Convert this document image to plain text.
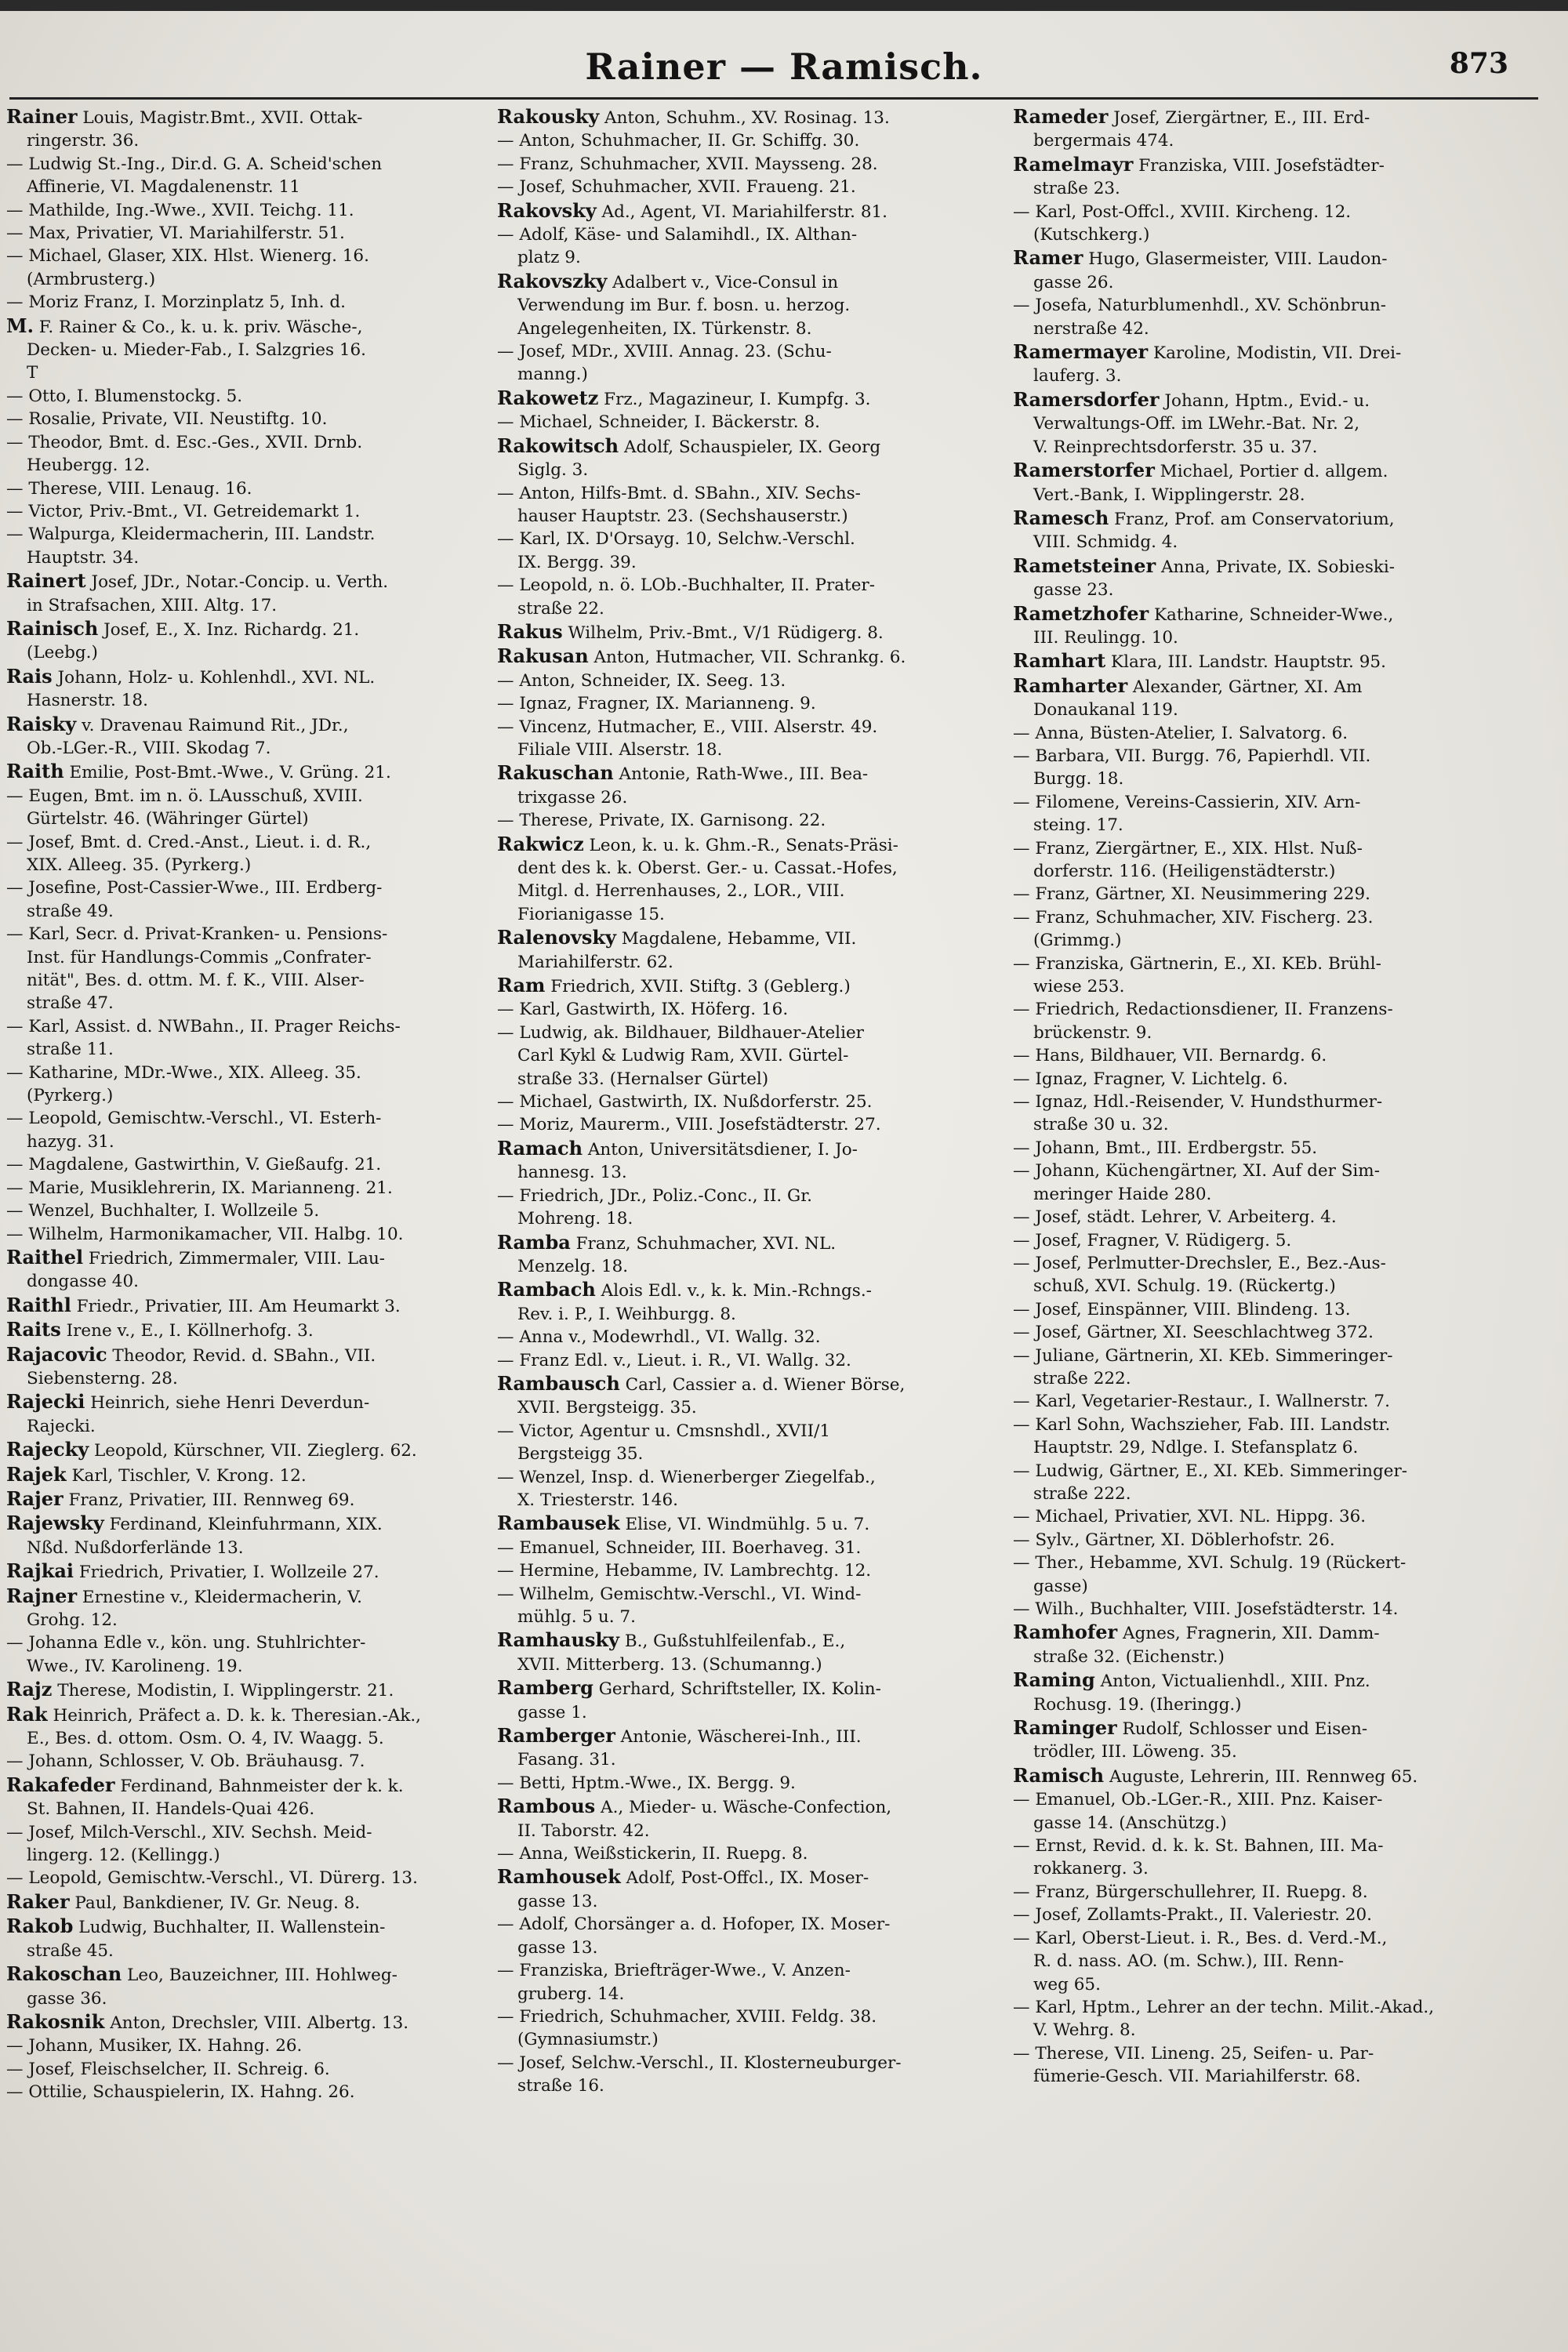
Rainer — Ramisch.	873
Rainer Louis, Magistr.Bmt., XVII. Ottak-
ringerstr. 36.
— Ludwig St.-Ing., Dir.d. G. A. Scheid'schen
Affinerie, VI. Magdalenenstr. 11
— Mathilde, Ing.-Wwe., XVII. Teichg. 11.
— Max, Privatier, VI. Mariahilferstr. 51.
— Michael, Glaser, XIX. Hlst. Wienerg. 16.
(Armbrusterg.)
— Moriz Franz, I. Morzinplatz 5, Inh. d.
M. F. Rainer & Co., k. u. k. priv. Wäsche-,
Decken- u. Mieder-Fab., I. Salzgries 16.
T
— Otto, I. Blumenstockg. 5.
— Rosalie, Private, VII. Neustiftg. 10.
— Theodor, Bmt. d. Esc.-Ges., XVII. Drnb.
Heubergg. 12.
— Therese, VIII. Lenaug. 16.
— Victor, Priv.-Bmt., VI. Getreidemarkt 1.
— Walpurga, Kleidermacherin, III. Landstr.
Hauptstr. 34.
Rainert Josef, JDr., Notar.-Concip. u. Verth.
in Strafsachen, XIII. Altg. 17.
Rainisch Josef, E., X. Inz. Richardg. 21.
(Leebg.)
Rais Johann, Holz- u. Kohlenhdl., XVI. NL.
Hasnerstr. 18.
Raisky v. Dravenau Raimund Rit., JDr.,
Ob.-LGer.-R., VIII. Skodag 7.
Raith Emilie, Post-Bmt.-Wwe., V. Grüng. 21.
— Eugen, Bmt. im n. ö. LAusschuß, XVIII.
Gürtelstr. 46. (Währinger Gürtel)
— Josef, Bmt. d. Cred.-Anst., Lieut. i. d. R.,
XIX. Alleeg. 35. (Pyrkerg.)
— Josefine, Post-Cassier-Wwe., III. Erdberg-
straße 49.
— Karl, Secr. d. Privat-Kranken- u. Pensions-
Inst. für Handlungs-Commis „Confrater-
nität", Bes. d. ottm. M. f. K., VIII. Alser-
straße 47.
— Karl, Assist. d. NWBahn., II. Prager Reichs-
straße 11.
— Katharine, MDr.-Wwe., XIX. Alleeg. 35.
(Pyrkerg.)
— Leopold, Gemischtw.-Verschl., VI. Esterh-
hazyg. 31.
— Magdalene, Gastwirthin, V. Gießaufg. 21.
— Marie, Musiklehrerin, IX. Marianneng. 21.
— Wenzel, Buchhalter, I. Wollzeile 5.
— Wilhelm, Harmonikamacher, VII. Halbg. 10.
Raithel Friedrich, Zimmermaler, VIII. Lau-
dongasse 40.
Raithl Friedr., Privatier, III. Am Heumarkt 3.
Raits Irene v., E., I. Köllnerhofg. 3.
Rajacovic Theodor, Revid. d. SBahn., VII.
Siebensterng. 28.
Rajecki Heinrich, siehe Henri Deverdun-
Rajecki.
Rajecky Leopold, Kürschner, VII. Zieglerg. 62.
Rajek Karl, Tischler, V. Krong. 12.
Rajer Franz, Privatier, III. Rennweg 69.
Rajewsky Ferdinand, Kleinfuhrmann, XIX.
Nßd. Nußdorferlände 13.
Rajkai Friedrich, Privatier, I. Wollzeile 27.
Rajner Ernestine v., Kleidermacherin, V.
Grohg. 12.
— Johanna Edle v., kön. ung. Stuhlrichter-
Wwe., IV. Karolineng. 19.
Rajz Therese, Modistin, I. Wipplingerstr. 21.
Rak Heinrich, Präfect a. D. k. k. Theresian.-Ak.,
E., Bes. d. ottom. Osm. O. 4, IV. Waagg. 5.
— Johann, Schlosser, V. Ob. Bräuhausg. 7.
Rakafeder Ferdinand, Bahnmeister der k. k.
St. Bahnen, II. Handels-Quai 426.
— Josef, Milch-Verschl., XIV. Sechsh. Meid-
lingerg. 12. (Kellingg.)
— Leopold, Gemischtw.-Verschl., VI. Dürerg. 13.
Raker Paul, Bankdiener, IV. Gr. Neug. 8.
Rakob Ludwig, Buchhalter, II. Wallenstein-
straße 45.
Rakoschan Leo, Bauzeichner, III. Hohlweg-
gasse 36.
Rakosnik Anton, Drechsler, VIII. Albertg. 13.
— Johann, Musiker, IX. Hahng. 26.
— Josef, Fleischselcher, II. Schreig. 6.
— Ottilie, Schauspielerin, IX. Hahng. 26.
Rakousky Anton, Schuhm., XV. Rosinag. 13.
— Anton, Schuhmacher, II. Gr. Schiffg. 30.
— Franz, Schuhmacher, XVII. Maysseng. 28.
— Josef, Schuhmacher, XVII. Fraueng. 21.
Rakovsky Ad., Agent, VI. Mariahilferstr. 81.
— Adolf, Käse- und Salamihdl., IX. Althan-
platz 9.
Rakovszky Adalbert v., Vice-Consul in
Verwendung im Bur. f. bosn. u. herzog.
Angelegenheiten, IX. Türkenstr. 8.
— Josef, MDr., XVIII. Annag. 23. (Schu-
manng.)
Rakowetz Frz., Magazineur, I. Kumpfg. 3.
— Michael, Schneider, I. Bäckerstr. 8.
Rakowitsch Adolf, Schauspieler, IX. Georg
Siglg. 3.
— Anton, Hilfs-Bmt. d. SBahn., XIV. Sechs-
hauser Hauptstr. 23. (Sechshauserstr.)
— Karl, IX. D'Orsayg. 10, Selchw.-Verschl.
IX. Bergg. 39.
— Leopold, n. ö. LOb.-Buchhalter, II. Prater-
straße 22.
Rakus Wilhelm, Priv.-Bmt., V/1 Rüdigerg. 8.
Rakusan Anton, Hutmacher, VII. Schrankg. 6.
— Anton, Schneider, IX. Seeg. 13.
— Ignaz, Fragner, IX. Marianneng. 9.
— Vincenz, Hutmacher, E., VIII. Alserstr. 49.
Filiale VIII. Alserstr. 18.
Rakuschan Antonie, Rath-Wwe., III. Bea-
trixgasse 26.
— Therese, Private, IX. Garnisong. 22.
Rakwicz Leon, k. u. k. Ghm.-R., Senats-Präsi-
dent des k. k. Oberst. Ger.- u. Cassat.-Hofes,
Mitgl. d. Herrenhauses, 2., LOR., VIII.
Fiorianigasse 15.
Ralenovsky Magdalene, Hebamme, VII.
Mariahilferstr. 62.
Ram Friedrich, XVII. Stiftg. 3 (Geblerg.)
— Karl, Gastwirth, IX. Höferg. 16.
— Ludwig, ak. Bildhauer, Bildhauer-Atelier
Carl Kykl & Ludwig Ram, XVII. Gürtel-
straße 33. (Hernalser Gürtel)
— Michael, Gastwirth, IX. Nußdorferstr. 25.
— Moriz, Maurerm., VIII. Josefstädterstr. 27.
Ramach Anton, Universitätsdiener, I. Jo-
hannesg. 13.
— Friedrich, JDr., Poliz.-Conc., II. Gr.
Mohreng. 18.
Ramba Franz, Schuhmacher, XVI. NL.
Menzelg. 18.
Rambach Alois Edl. v., k. k. Min.-Rchngs.-
Rev. i. P., I. Weihburgg. 8.
— Anna v., Modewrhdl., VI. Wallg. 32.
— Franz Edl. v., Lieut. i. R., VI. Wallg. 32.
Rambausch Carl, Cassier a. d. Wiener Börse,
XVII. Bergsteigg. 35.
— Victor, Agentur u. Cmsnshdl., XVII/1
Bergsteigg 35.
— Wenzel, Insp. d. Wienerberger Ziegelfab.,
X. Triesterstr. 146.
Rambausek Elise, VI. Windmühlg. 5 u. 7.
— Emanuel, Schneider, III. Boerhaveg. 31.
— Hermine, Hebamme, IV. Lambrechtg. 12.
— Wilhelm, Gemischtw.-Verschl., VI. Wind-
mühlg. 5 u. 7.
Ramhausky B., Gußstuhlfeilenfab., E.,
XVII. Mitterberg. 13. (Schumanng.)
Ramberg Gerhard, Schriftsteller, IX. Kolin-
gasse 1.
Ramberger Antonie, Wäscherei-Inh., III.
Fasang. 31.
— Betti, Hptm.-Wwe., IX. Bergg. 9.
Rambous A., Mieder- u. Wäsche-Confection,
II. Taborstr. 42.
— Anna, Weißstickerin, II. Ruepg. 8.
Ramhousek Adolf, Post-Offcl., IX. Moser-
gasse 13.
— Adolf, Chorsänger a. d. Hofoper, IX. Moser-
gasse 13.
— Franziska, Briefträger-Wwe., V. Anzen-
gruberg. 14.
— Friedrich, Schuhmacher, XVIII. Feldg. 38.
(Gymnasiumstr.)
— Josef, Selchw.-Verschl., II. Klosterneuburger-
straße 16.
Rameder Josef, Ziergärtner, E., III. Erd-
bergermais 474.
Ramelmayr Franziska, VIII. Josefstädter-
straße 23.
— Karl, Post-Offcl., XVIII. Kircheng. 12.
(Kutschkerg.)
Ramer Hugo, Glasermeister, VIII. Laudon-
gasse 26.
— Josefa, Naturblumenhdl., XV. Schönbrun-
nerstraße 42.
Ramermayer Karoline, Modistin, VII. Drei-
lauferg. 3.
Ramersdorfer Johann, Hptm., Evid.- u.
Verwaltungs-Off. im LWehr.-Bat. Nr. 2,
V. Reinprechtsdorferstr. 35 u. 37.
Ramerstorfer Michael, Portier d. allgem.
Vert.-Bank, I. Wipplingerstr. 28.
Ramesch Franz, Prof. am Conservatorium,
VIII. Schmidg. 4.
Rametsteiner Anna, Private, IX. Sobieski-
gasse 23.
Rametzhofer Katharine, Schneider-Wwe.,
III. Reulingg. 10.
Ramhart Klara, III. Landstr. Hauptstr. 95.
Ramharter Alexander, Gärtner, XI. Am
Donaukanal 119.
— Anna, Büsten-Atelier, I. Salvatorg. 6.
— Barbara, VII. Burgg. 76, Papierhdl. VII.
Burgg. 18.
— Filomene, Vereins-Cassierin, XIV. Arn-
steing. 17.
— Franz, Ziergärtner, E., XIX. Hlst. Nuß-
dorferstr. 116. (Heiligenstädterstr.)
— Franz, Gärtner, XI. Neusimmering 229.
— Franz, Schuhmacher, XIV. Fischerg. 23.
(Grimmg.)
— Franziska, Gärtnerin, E., XI. KEb. Brühl-
wiese 253.
— Friedrich, Redactionsdiener, II. Franzens-
brückenstr. 9.
— Hans, Bildhauer, VII. Bernardg. 6.
— Ignaz, Fragner, V. Lichtelg. 6.
— Ignaz, Hdl.-Reisender, V. Hundsthurmer-
straße 30 u. 32.
— Johann, Bmt., III. Erdbergstr. 55.
— Johann, Küchengärtner, XI. Auf der Sim-
meringer Haide 280.
— Josef, städt. Lehrer, V. Arbeiterg. 4.
— Josef, Fragner, V. Rüdigerg. 5.
— Josef, Perlmutter-Drechsler, E., Bez.-Aus-
schuß, XVI. Schulg. 19. (Rückertg.)
— Josef, Einspänner, VIII. Blindeng. 13.
— Josef, Gärtner, XI. Seeschlachtweg 372.
— Juliane, Gärtnerin, XI. KEb. Simmeringer-
straße 222.
— Karl, Vegetarier-Restaur., I. Wallnerstr. 7.
— Karl Sohn, Wachszieher, Fab. III. Landstr.
Hauptstr. 29, Ndlge. I. Stefansplatz 6.
— Ludwig, Gärtner, E., XI. KEb. Simmeringer-
straße 222.
— Michael, Privatier, XVI. NL. Hippg. 36.
— Sylv., Gärtner, XI. Döblerhofstr. 26.
— Ther., Hebamme, XVI. Schulg. 19 (Rückert-
gasse)
— Wilh., Buchhalter, VIII. Josefstädterstr. 14.
Ramhofer Agnes, Fragnerin, XII. Damm-
straße 32. (Eichenstr.)
Raming Anton, Victualienhdl., XIII. Pnz.
Rochusg. 19. (Iheringg.)
Raminger Rudolf, Schlosser und Eisen-
trödler, III. Löweng. 35.
Ramisch Auguste, Lehrerin, III. Rennweg 65.
— Emanuel, Ob.-LGer.-R., XIII. Pnz. Kaiser-
gasse 14. (Anschützg.)
— Ernst, Revid. d. k. k. St. Bahnen, III. Ma-
rokkanerg. 3.
— Franz, Bürgerschullehrer, II. Ruepg. 8.
— Josef, Zollamts-Prakt., II. Valeriestr. 20.
— Karl, Oberst-Lieut. i. R., Bes. d. Verd.-M.,
R. d. nass. AO. (m. Schw.), III. Renn-
weg 65.
— Karl, Hptm., Lehrer an der techn. Milit.-Akad.,
V. Wehrg. 8.
— Therese, VII. Lineng. 25, Seifen- u. Par-
fümerie-Gesch. VII. Mariahilferstr. 68.
